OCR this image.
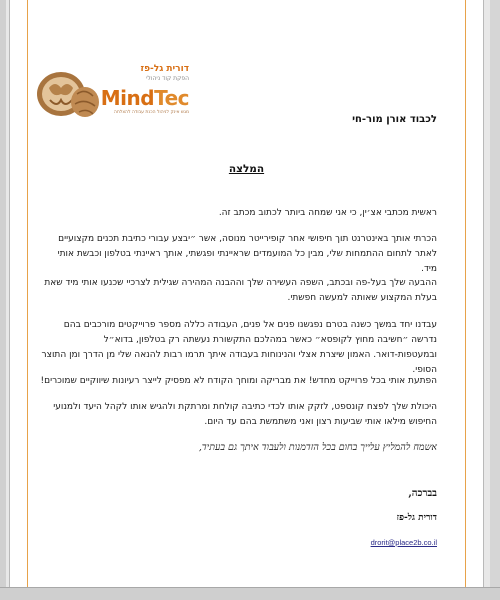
דורית גל-פז
הפקת קוד ניהולי
MindTec
מגש אינק לניהול הכנת עבודה להצלחה
לכבוד אורן מור-חי
המלצה
ראשית מכתבי אצ׳ין, כי אני שמחה ביותר לכתוב מכתב זה.
הכרתי אותך באינטרנט תוך חיפושי אחר קופירייטר מנוסה, אשר ״יבצע עבורי כתיבת תכנים מקצועיים לאתר לתחום ההתמחות שלי, מבין כל המועמדים שראיינתי ופגשתי, אותך ראיינתי בטלפון וכבשת אותי מיד.
ההבעה שלך בעל-פה ובכתב, השפה העשירה שלך וההבנה המהירה שגילית לצרכיי שכנעו אותי מיד שאת בעלת המקצוע שאותה למעשה חפשתי.
עבדנו יחד במשך כשנה בטרם נפגשנו פנים אל פנים, העבודה כללה מספר פרוייקטים מורכבים בהם נדרשה ״חשיבה מחוץ לקופסא״ כאשר במהלכם התקשורת נעשתה רק בטלפון, בדוא״ל ובמעטפות-דואר. האמון שיצרת אצלי והנינוחות בעבודה איתך תרמו רבות להנאה שלי מן הדרך ומן התוצר הסופי.
הפתעת אותי בכל פרוייקט מחדש! את מבריקה ומוחך הקודח לא מפסיק לייצר רעיונות שיווקיים שמוכרים!
היכולת שלך לפצח קונספט, לזקק אותו לכדי כתיבה קולחת ומרתקת ולהגיש אותו לקהל היעד ולמנועי החיפוש מילאו אותי שביעות רצון ואני משתמשת בהם עד היום.
אשמח להמליץ עלייך בחום בכל הזדמנות ולעבוד איתך גם בעתיד,
בברכה,
דורית גל-פז
drorit@place2b.co.il
